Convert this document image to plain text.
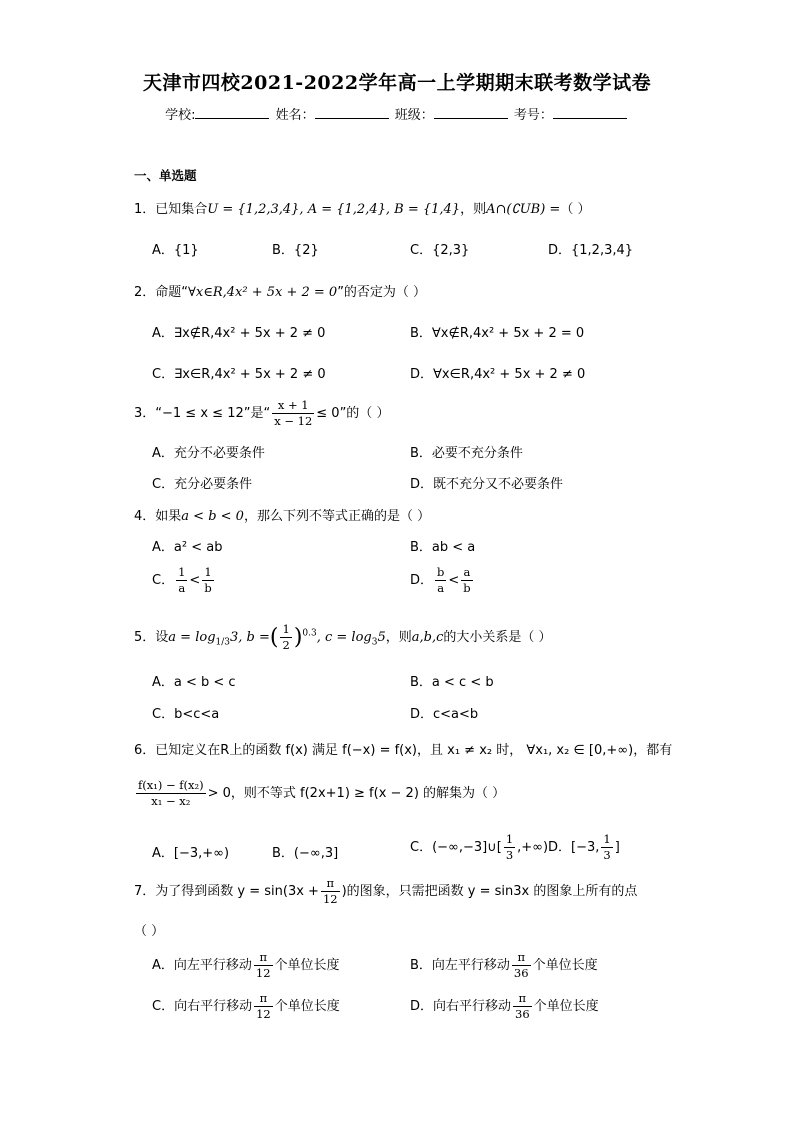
天津市四校2021-2022学年高一上学期期末联考数学试卷
学校:	姓名：	班级：	考号：
一、单选题
1．已知集合U = {1,2,3,4}, A = {1,2,4}, B = {1,4}，则A∩(∁UB) =（ ）
A．{1}	B．{2}	C．{2,3}	D．{1,2,3,4}
2．命题“∀x∈R,4x² + 5x + 2 = 0”的否定为（ ）
A．∃x∉R,4x² + 5x + 2 ≠ 0	B．∀x∉R,4x² + 5x + 2 = 0
C．∃x∈R,4x² + 5x + 2 ≠ 0	D．∀x∈R,4x² + 5x + 2 ≠ 0
3．“−1 ≤ x ≤ 12”是“ $\frac{x + 1}{x - 12} \le 0$”的（ ）
A．充分不必要条件	B．必要不充分条件
C．充分必要条件	D．既不充分又不必要条件
4．如果a < b < 0，那么下列不等式正确的是（ ）
A．a² < ab	B．ab < a
C． $\frac{1}{a} < \frac{1}{b}$	D． $\frac{b}{a} < \frac{a}{b}$
5．设$a = \log_{1/3}3$, b =( $\frac{1}{2} )^{0.3}$, $c = \log_35$，则a,b,c的大小关系是（ ）
A．a < b < c	B．a < c < b
C．b<c<a	D．c<a<b
6．已知定义在R上的函数 f(x) 满足 f(−x) = f(x)，且 x₁ ≠ x₂ 时， ∀x₁, x₂ ∈ [0,+∞)，都有
$\frac{\text{f(x₁) − f(x₂)}}{\text{x₁ − x₂}} > 0$，则不等式 f(2x+1) ≥ f(x − 2) 的解集为（ ）
A．[−3,+∞)	B．(−∞,3]	C．(−∞,−3]∪[ $\frac{1}{3}$ ,+∞) D．[−3, $\frac{1}{3}$ ]
7．为了得到函数 $y = \sin(3x + \frac{\pi}{12}$ )的图象，只需把函数 y = sin3x 的图象上所有的点
（ ）
A．向左平行移动 $\frac{\pi}{12}$ 个单位长度	B．向左平行移动 $\frac{\pi}{36}$ 个单位长度
C．向右平行移动 $\frac{\pi}{12}$ 个单位长度	D．向右平行移动 $\frac{\pi}{36}$ 个单位长度
